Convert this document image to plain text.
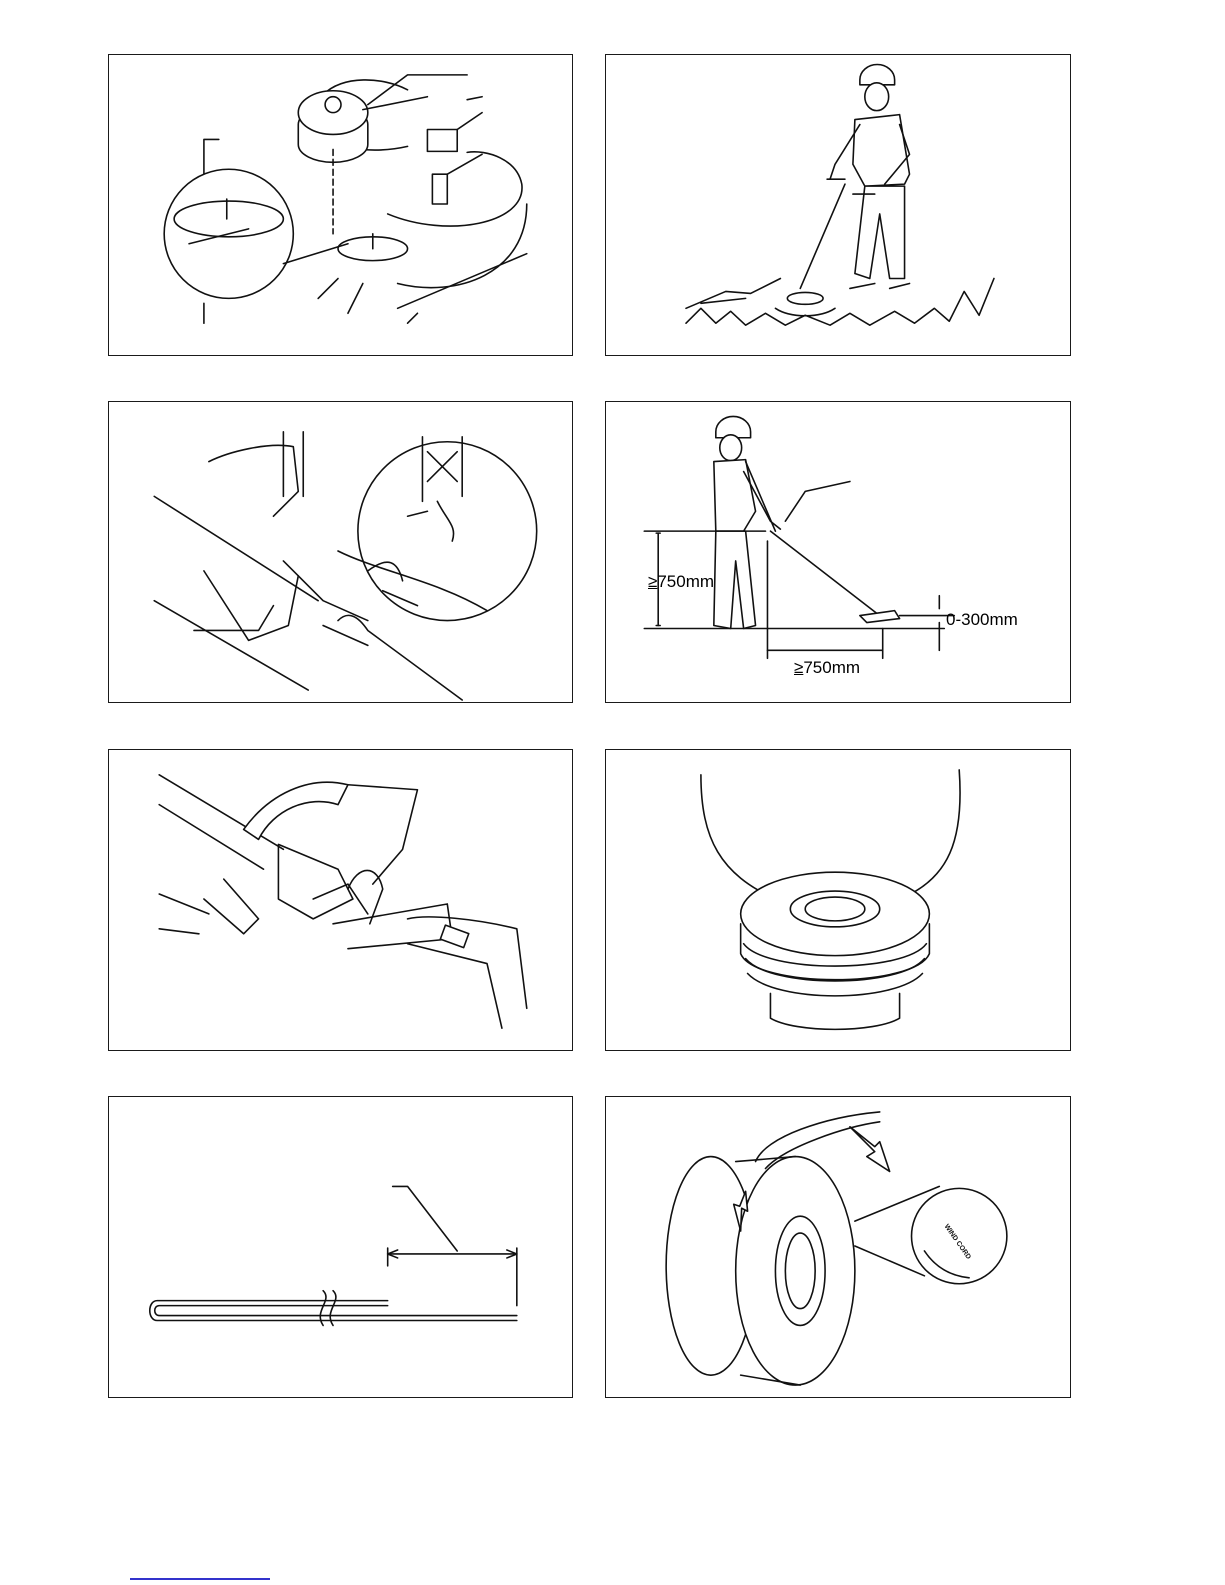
≥750mm
0-300mm
≥750mm
WIND CORD
